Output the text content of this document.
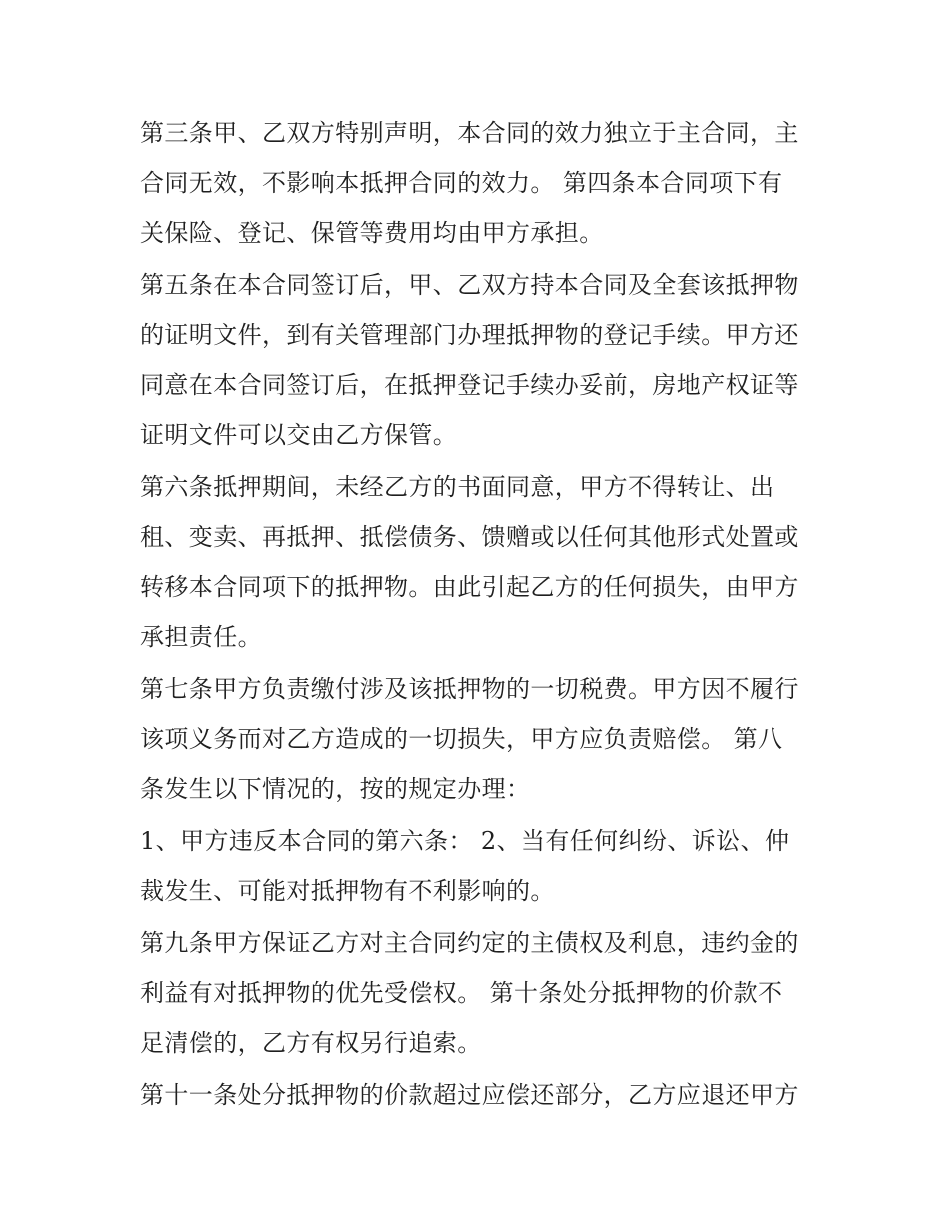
第三条甲、乙双方特别声明，本合同的效力独立于主合同，主
合同无效，不影响本抵押合同的效力。 第四条本合同项下有
关保险、登记、保管等费用均由甲方承担。

第五条在本合同签订后，甲、乙双方持本合同及全套该抵押物
的证明文件，到有关管理部门办理抵押物的登记手续。甲方还
同意在本合同签订后，在抵押登记手续办妥前，房地产权证等
证明文件可以交由乙方保管。

第六条抵押期间，未经乙方的书面同意，甲方不得转让、出
租、变卖、再抵押、抵偿债务、馈赠或以任何其他形式处置或
转移本合同项下的抵押物。由此引起乙方的任何损失，由甲方
承担责任。

第七条甲方负责缴付涉及该抵押物的一切税费。甲方因不履行
该项义务而对乙方造成的一切损失，甲方应负责赔偿。 第八
条发生以下情况的，按的规定办理：

1、甲方违反本合同的第六条： 2、当有任何纠纷、诉讼、仲
裁发生、可能对抵押物有不利影响的。

第九条甲方保证乙方对主合同约定的主债权及利息，违约金的
利益有对抵押物的优先受偿权。 第十条处分抵押物的价款不
足清偿的，乙方有权另行追索。

第十一条处分抵押物的价款超过应偿还部分，乙方应退还甲方
